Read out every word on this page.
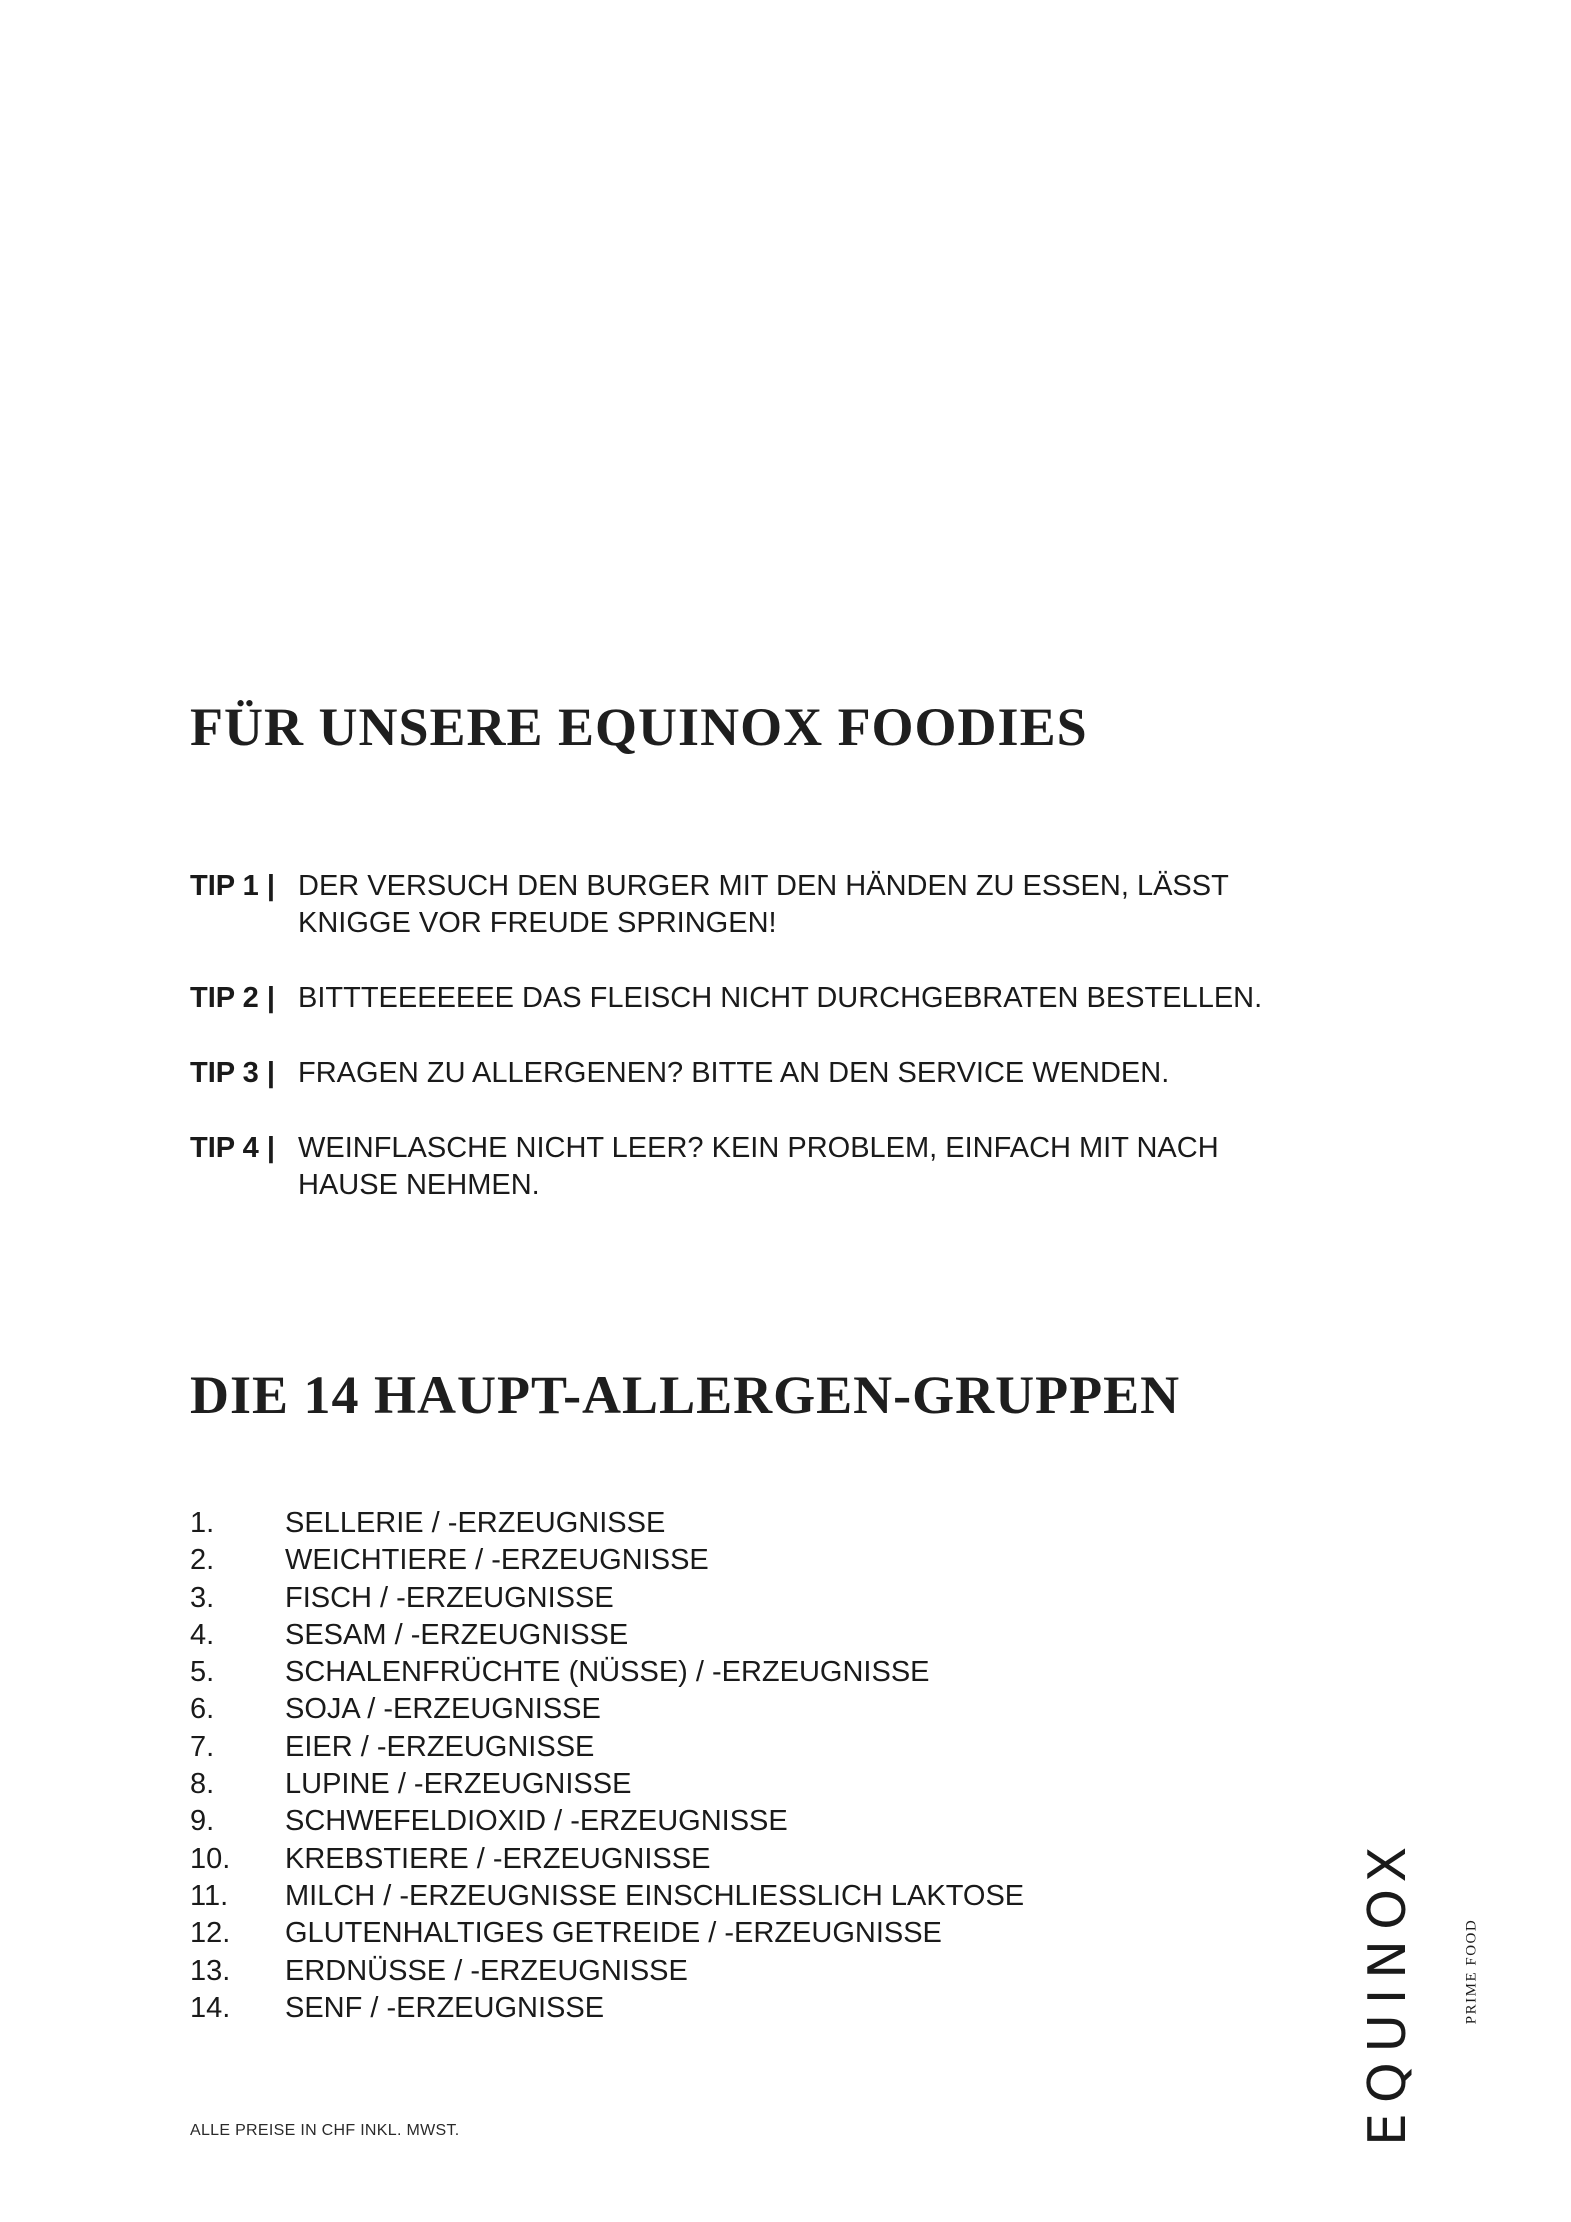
FÜR UNSERE EQUINOX FOODIES
TIP 1 | DER VERSUCH DEN BURGER MIT DEN HÄNDEN ZU ESSEN, LÄSST KNIGGE VOR FREUDE SPRINGEN!
TIP 2 | BITTTEEEEEEE DAS FLEISCH NICHT DURCHGEBRATEN BESTELLEN.
TIP 3 | FRAGEN ZU ALLERGENEN? BITTE AN DEN SERVICE WENDEN.
TIP 4 | WEINFLASCHE NICHT LEER? KEIN PROBLEM, EINFACH MIT NACH HAUSE NEHMEN.
DIE 14 HAUPT-ALLERGEN-GRUPPEN
1.	SELLERIE / -ERZEUGNISSE
2.	WEICHTIERE / -ERZEUGNISSE
3.	FISCH / -ERZEUGNISSE
4.	SESAM / -ERZEUGNISSE
5.	SCHALENFRÜCHTE (NÜSSE) / -ERZEUGNISSE
6.	SOJA / -ERZEUGNISSE
7.	EIER / -ERZEUGNISSE
8.	LUPINE / -ERZEUGNISSE
9.	SCHWEFELDIOXID / -ERZEUGNISSE
10.	KREBSTIERE / -ERZEUGNISSE
11.	MILCH / -ERZEUGNISSE EINSCHLIESSLICH LAKTOSE
12.	GLUTENHALTIGES GETREIDE / -ERZEUGNISSE
13.	ERDNÜSSE / -ERZEUGNISSE
14.	SENF / -ERZEUGNISSE
ALLE PREISE IN CHF INKL. MWST.	EQUINOX	PRIME FOOD
